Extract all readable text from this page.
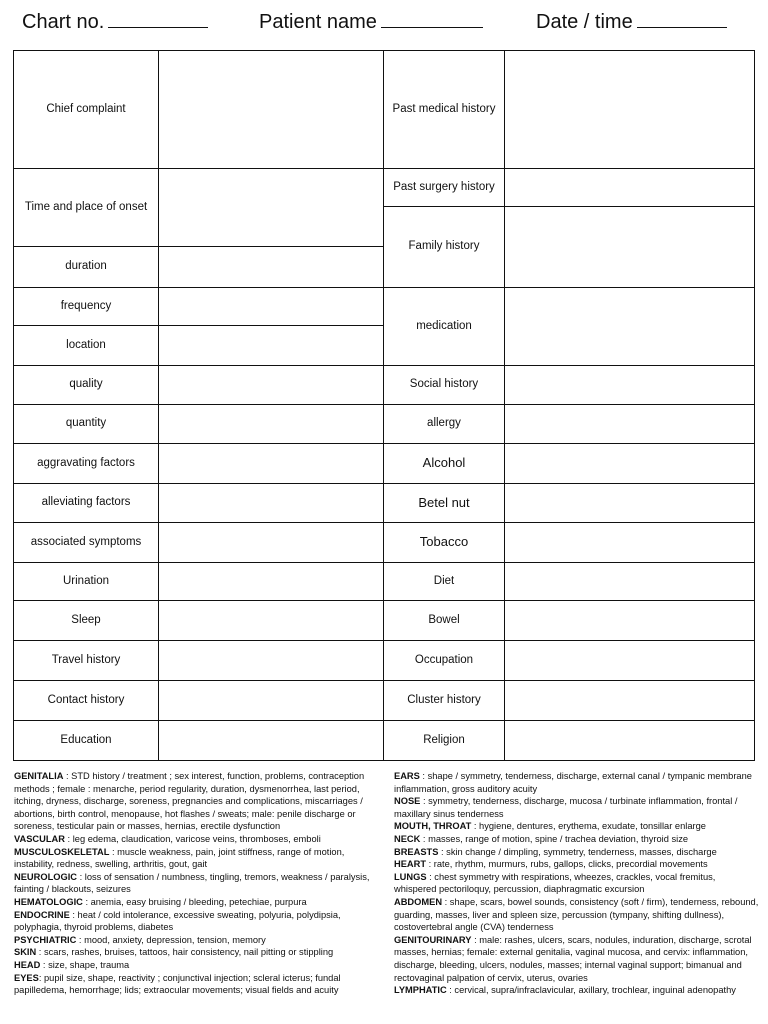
Chart no.	Patient name	Date / time
Chief complaint		Past medical history	

Time and place of onset		Past surgery history	
		Family history	
duration			
frequency		medication	
location			
quality		Social history	
quantity		allergy	
aggravating factors		Alcohol	
alleviating factors		Betel nut	
associated symptoms		Tobacco	
Urination		Diet	
Sleep		Bowel	
Travel history		Occupation	
Contact history		Cluster history	
Education		Religion	

GENITALIA : STD history / treatment ; sex interest, function, problems, contraception methods ; female : menarche, period regularity, duration, dysmenorrhea, last period, itching, dryness, discharge, soreness, pregnancies and complications, miscarriages / abortions, birth control, menopause, hot flashes / sweats; male: penile discharge or soreness, testicular pain or masses, hernias, erectile dysfunction

VASCULAR : leg edema, claudication, varicose veins, thromboses, emboli

MUSCULOSKELETAL : muscle weakness, pain, joint stiffness, range of motion, instability, redness, swelling, arthritis, gout, gait

NEUROLOGIC : loss of sensation / numbness, tingling, tremors, weakness / paralysis, fainting / blackouts, seizures

HEMATOLOGIC : anemia, easy bruising / bleeding, petechiae, purpura

ENDOCRINE : heat / cold intolerance, excessive sweating, polyuria, polydipsia, polyphagia, thyroid problems, diabetes

PSYCHIATRIC : mood, anxiety, depression, tension, memory

SKIN : scars, rashes, bruises, tattoos, hair consistency, nail pitting or stippling

HEAD : size, shape, trauma

EYES: pupil size, shape, reactivity ; conjunctival injection; scleral icterus; fundal papilledema, hemorrhage; lids; extraocular movements; visual fields and acuity

EARS : shape / symmetry, tenderness, discharge, external canal / tympanic membrane inflammation, gross auditory acuity

NOSE : symmetry, tenderness, discharge, mucosa / turbinate inflammation, frontal / maxillary sinus tenderness

MOUTH, THROAT : hygiene, dentures, erythema, exudate, tonsillar enlarge

NECK : masses, range of motion, spine / trachea deviation, thyroid size

BREASTS : skin change / dimpling, symmetry, tenderness, masses, discharge

HEART : rate, rhythm, murmurs, rubs, gallops, clicks, precordial movements

LUNGS : chest symmetry with respirations, wheezes, crackles, vocal fremitus, whispered pectoriloquy, percussion, diaphragmatic excursion

ABDOMEN : shape, scars, bowel sounds, consistency (soft / firm), tenderness, rebound, guarding, masses, liver and spleen size, percussion (tympany, shifting dullness), costovertebral angle (CVA) tenderness

GENITOURINARY : male: rashes, ulcers, scars, nodules, induration, discharge, scrotal masses, hernias; female: external genitalia, vaginal mucosa, and cervix: inflammation, discharge, bleeding, ulcers, nodules, masses; internal vaginal support; bimanual and rectovaginal palpation of cervix, uterus, ovaries

LYMPHATIC : cervical, supra/infraclavicular, axillary, trochlear, inguinal adenopathy
